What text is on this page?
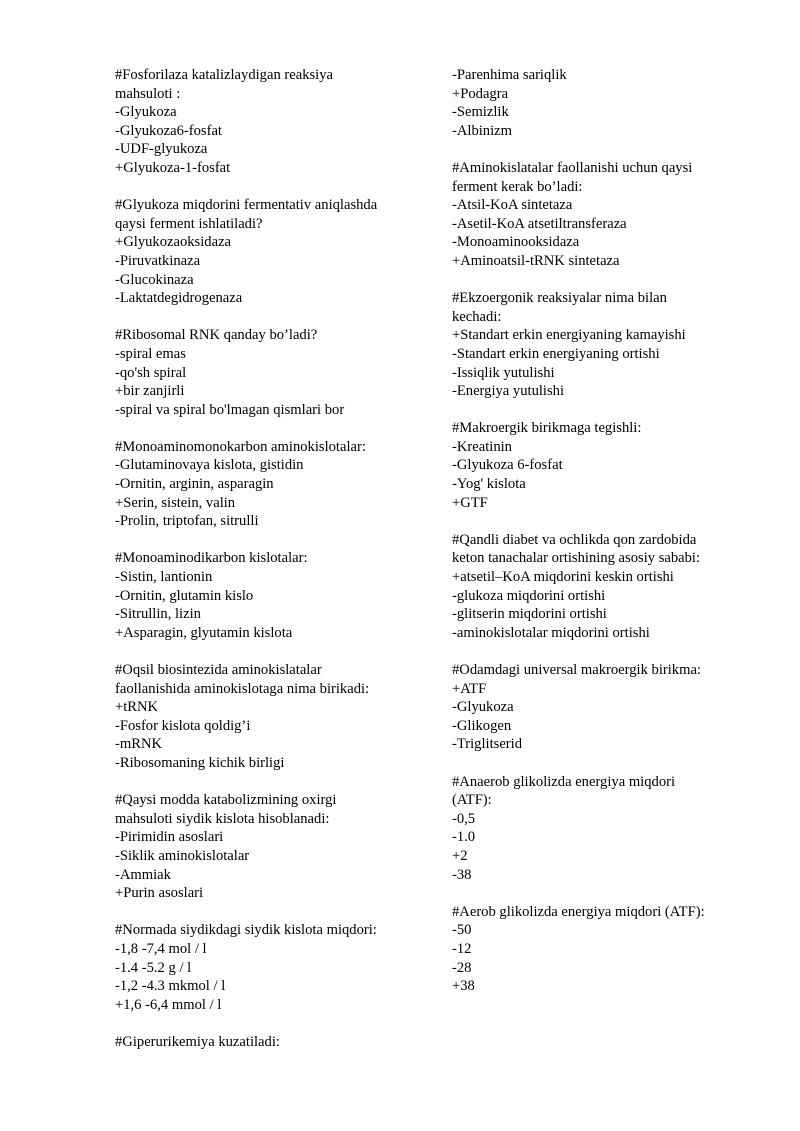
#Fosforilaza katalizlaydigan reaksiya
mahsuloti :
-Glyukoza
-Glyukoza6-fosfat
-UDF-glyukoza
+Glyukoza-1-fosfat
#Glyukoza miqdorini fermentativ aniqlashda
qaysi ferment ishlatiladi?
+Glyukozaoksidaza
-Piruvatkinaza
-Glucokinaza
-Laktatdegidrogenaza
#Ribosomal RNK qanday bo’ladi?
-spiral emas
-qo'sh spiral
+bir zanjirli
-spiral va spiral bo'lmagan qismlari bor
#Monoaminomonokarbon aminokislotalar:
-Glutaminovaya kislota, gistidin
-Ornitin, arginin, asparagin
+Serin, sistein, valin
-Prolin, triptofan, sitrulli
#Monoaminodikarbon kislotalar:
-Sistin, lantionin
-Ornitin, glutamin kislo
-Sitrullin, lizin
+Asparagin, glyutamin kislota
#Oqsil biosintezida aminokislatalar
faollanishida aminokislotaga nima birikadi:
+tRNK
-Fosfor kislota qoldig’i
-mRNK
-Ribosomaning kichik birligi
#Qaysi modda katabolizmining oxirgi
mahsuloti siydik kislota hisoblanadi:
-Pirimidin asoslari
-Siklik aminokislotalar
-Ammiak
+Purin asoslari
#Normada siydikdagi siydik kislota miqdori:
-1,8 -7,4 mol / l
-1.4 -5.2 g / l
-1,2 -4.3 mkmol / l
+1,6 -6,4 mmol / l
#Giperurikemiya kuzatiladi:
-Parenhima sariqlik
+Podagra
-Semizlik
-Albinizm
#Aminokislatalar faollanishi uchun qaysi
ferment kerak bo’ladi:
-Atsil-KoA sintetaza
-Asetil-KoA atsetiltransferaza
-Monoaminooksidaza
+Aminoatsil-tRNK sintetaza
#Ekzoergonik reaksiyalar nima bilan
kechadi:
+Standart erkin energiyaning kamayishi
-Standart erkin energiyaning ortishi
-Issiqlik yutulishi
-Energiya yutulishi
#Makroergik birikmaga tegishli:
-Kreatinin
-Glyukoza 6-fosfat
-Yog' kislota
+GTF
#Qandli diabet va ochlikda qon zardobida
keton tanachalar ortishining asosiy sababi:
+atsetil–KoA miqdorini keskin ortishi
-glukoza miqdorini ortishi
-glitserin miqdorini ortishi
-aminokislotalar miqdorini ortishi
#Odamdagi universal makroergik birikma:
+ATF
-Glyukoza
-Glikogen
-Triglitserid
#Anaerob glikolizda energiya miqdori
(ATF):
-0,5
-1.0
+2
-38
#Aerob glikolizda energiya miqdori (ATF):
-50
-12
-28
+38
